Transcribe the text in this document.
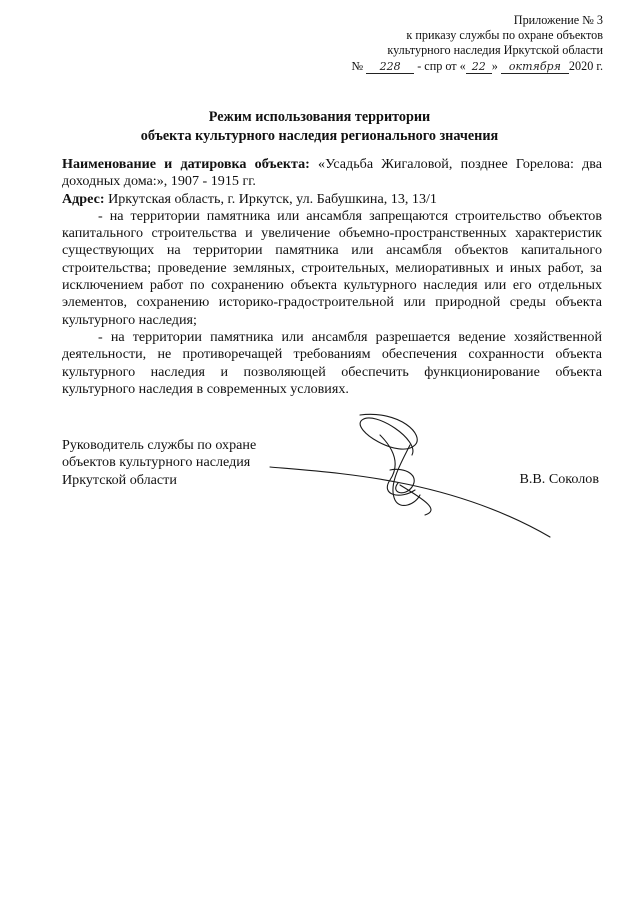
Приложение № 3
к приказу службы по охране объектов
культурного наследия Иркутской области
№ 228 - спр от « 22 » октября 2020 г.
Режим использования территории
объекта культурного наследия регионального значения

Наименование и датировка объекта: «Усадьба Жигаловой, позднее Горелова: два доходных дома:», 1907 - 1915 гг.

Адрес: Иркутская область, г. Иркутск, ул. Бабушкина, 13, 13/1

- на территории памятника или ансамбля запрещаются строительство объектов капитального строительства и увеличение объемно-пространственных характеристик существующих на территории памятника или ансамбля объектов капитального строительства; проведение земляных, строительных, мелиоративных и иных работ, за исключением работ по сохранению объекта культурного наследия или его отдельных элементов, сохранению историко-градостроительной или природной среды объекта культурного наследия;

- на территории памятника или ансамбля разрешается ведение хозяйственной деятельности, не противоречащей требованиям обеспечения сохранности объекта культурного наследия и позволяющей обеспечить функционирование объекта культурного наследия в современных условиях.

Руководитель службы по охране
объектов культурного наследия
Иркутской области	В.В. Соколов
